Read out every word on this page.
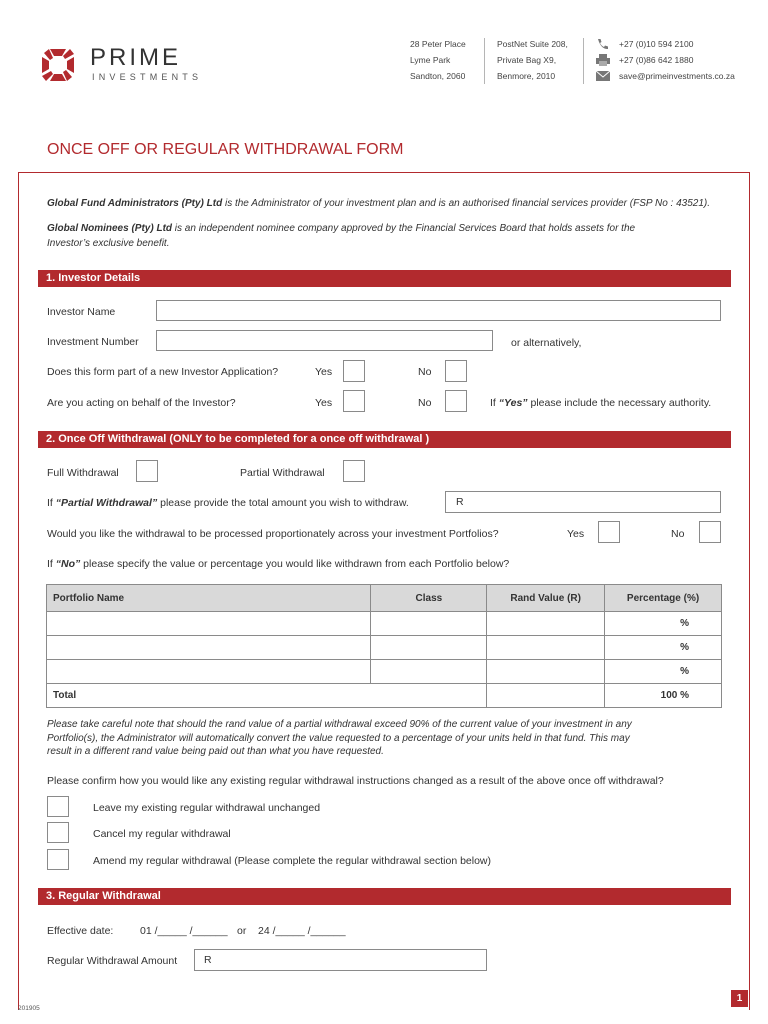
PRIME
INVESTMENTS
28 Peter Place
Lyme Park
Sandton, 2060
PostNet Suite 208,
Private Bag X9,
Benmore, 2010
+27 (0)10 594 2100
+27 (0)86 642 1880
save@primeinvestments.co.za
ONCE OFF OR REGULAR WITHDRAWAL FORM
Global Fund Administrators (Pty) Ltd is the Administrator of your investment plan and is an authorised financial services provider (FSP No : 43521).
Global Nominees (Pty) Ltd is an independent nominee company approved by the Financial Services Board that holds assets for the
Investor’s exclusive benefit.
1. Investor Details
Investor Name
Investment Number	or alternatively,
Does this form part of a new Investor Application?	Yes	No
Are you acting on behalf of the Investor?	Yes	No	If “Yes” please include the necessary authority.
2. Once Off Withdrawal (ONLY to be completed for a once off withdrawal )
Full Withdrawal	Partial Withdrawal
If “Partial Withdrawal” please provide the total amount you wish to withdraw.	R
Would you like the withdrawal to be processed proportionately across your investment Portfolios?	Yes	No
If “No” please specify the value or percentage you would like withdrawn from each Portfolio below?
Portfolio Name	Class	Rand Value (R)	Percentage (%)
			%
			%
			%
Total			100 %
Please take careful note that should the rand value of a partial withdrawal exceed 90% of the current value of your investment in any
Portfolio(s), the Administrator will automatically convert the value requested to a percentage of your units held in that fund. This may
result in a different rand value being paid out than what you have requested.
Please confirm how you would like any existing regular withdrawal instructions changed as a result of the above once off withdrawal?
Leave my existing regular withdrawal unchanged
Cancel my regular withdrawal
Amend my regular withdrawal (Please complete the regular withdrawal section below)
3. Regular Withdrawal
Effective date:	01 /_____ /______ or 24 /_____ /______
Regular Withdrawal Amount	R
201905
1
